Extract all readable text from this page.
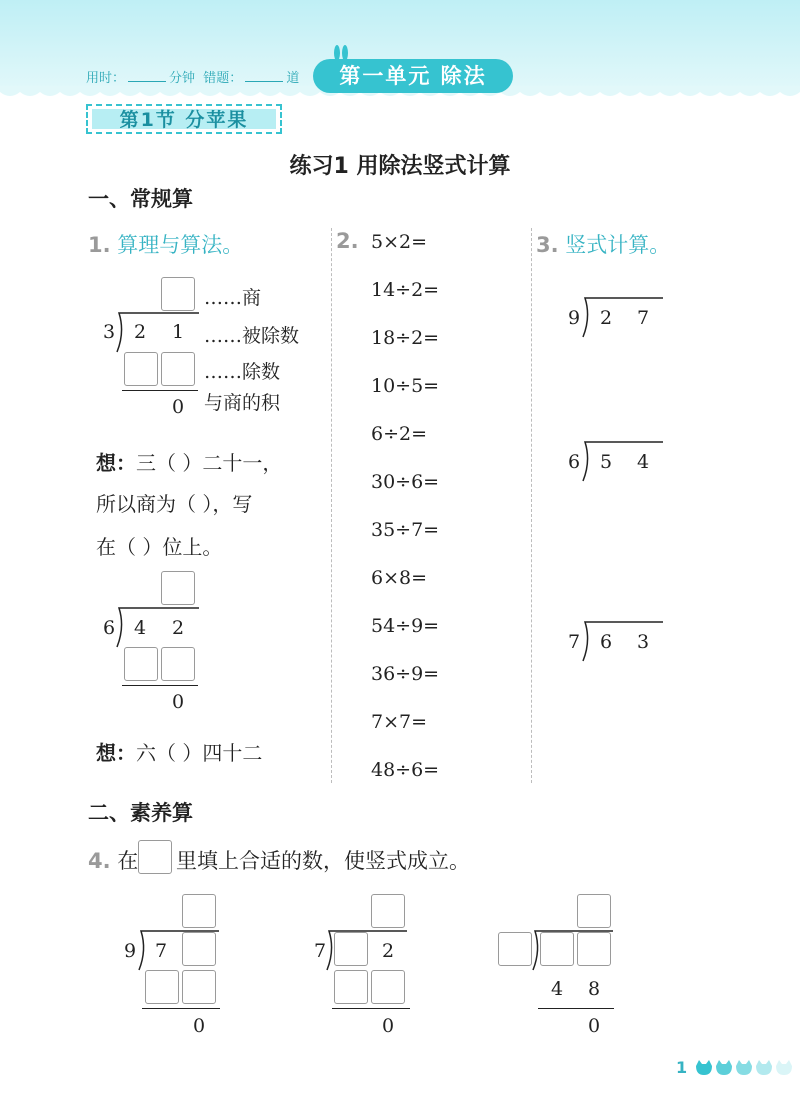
用时：	分钟 错题：	道	第一单元 除法
第1节 分苹果
练习1 用除法竖式计算
一、常规算
1. 算理与算法。
……商
3 2 1 ……被除数
……除数
0 与商的积
想：三（ ）二十一，
所以商为（ ），写
在（ ）位上。
6 4 2
0
想：六（ ）四十二
2. 5×2=
14÷2=
18÷2=
10÷5=
6÷2=
30÷6=
35÷7=
6×8=
54÷9=
36÷9=
7×7=
48÷6=
3. 竖式计算。
9 2 7
6 5 4
7 6 3
二、素养算
4. 在 里填上合适的数，使竖式成立。
9 7
0
7	2
0
4 8
0
1
